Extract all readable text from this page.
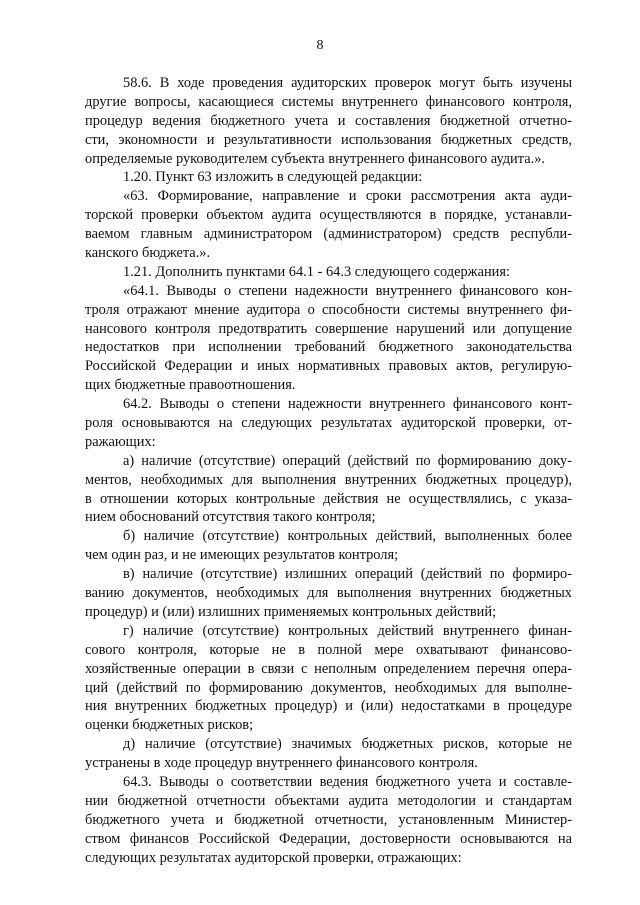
8
58.6. В ходе проведения аудиторских проверок могут быть изучены
другие вопросы, касающиеся системы внутреннего финансового контроля,
процедур ведения бюджетного учета и составления бюджетной отчетно-
сти, экономности и результативности использования бюджетных средств,
определяемые руководителем субъекта внутреннего финансового аудита.».
1.20. Пункт 63 изложить в следующей редакции:
«63. Формирование, направление и сроки рассмотрения акта ауди-
торской проверки объектом аудита осуществляются в порядке, устанавли-
ваемом главным администратором (администратором) средств республи-
канского бюджета.».
1.21. Дополнить пунктами 64.1 - 64.3 следующего содержания:
«64.1. Выводы о степени надежности внутреннего финансового кон-
троля отражают мнение аудитора о способности системы внутреннего фи-
нансового контроля предотвратить совершение нарушений или допущение
недостатков при исполнении требований бюджетного законодательства
Российской Федерации и иных нормативных правовых актов, регулирую-
щих бюджетные правоотношения.
64.2. Выводы о степени надежности внутреннего финансового конт-
роля основываются на следующих результатах аудиторской проверки, от-
ражающих:
а) наличие (отсутствие) операций (действий по формированию доку-
ментов, необходимых для выполнения внутренних бюджетных процедур),
в отношении которых контрольные действия не осуществлялись, с указа-
нием обоснований отсутствия такого контроля;
б) наличие (отсутствие) контрольных действий, выполненных более
чем один раз, и не имеющих результатов контроля;
в) наличие (отсутствие) излишних операций (действий по формиро-
ванию документов, необходимых для выполнения внутренних бюджетных
процедур) и (или) излишних применяемых контрольных действий;
г) наличие (отсутствие) контрольных действий внутреннего финан-
сового контроля, которые не в полной мере охватывают финансово-
хозяйственные операции в связи с неполным определением перечня опера-
ций (действий по формированию документов, необходимых для выполне-
ния внутренних бюджетных процедур) и (или) недостатками в процедуре
оценки бюджетных рисков;
д) наличие (отсутствие) значимых бюджетных рисков, которые не
устранены в ходе процедур внутреннего финансового контроля.
64.3. Выводы о соответствии ведения бюджетного учета и составле-
нии бюджетной отчетности объектами аудита методологии и стандартам
бюджетного учета и бюджетной отчетности, установленным Министер-
ством финансов Российской Федерации, достоверности основываются на
следующих результатах аудиторской проверки, отражающих:
